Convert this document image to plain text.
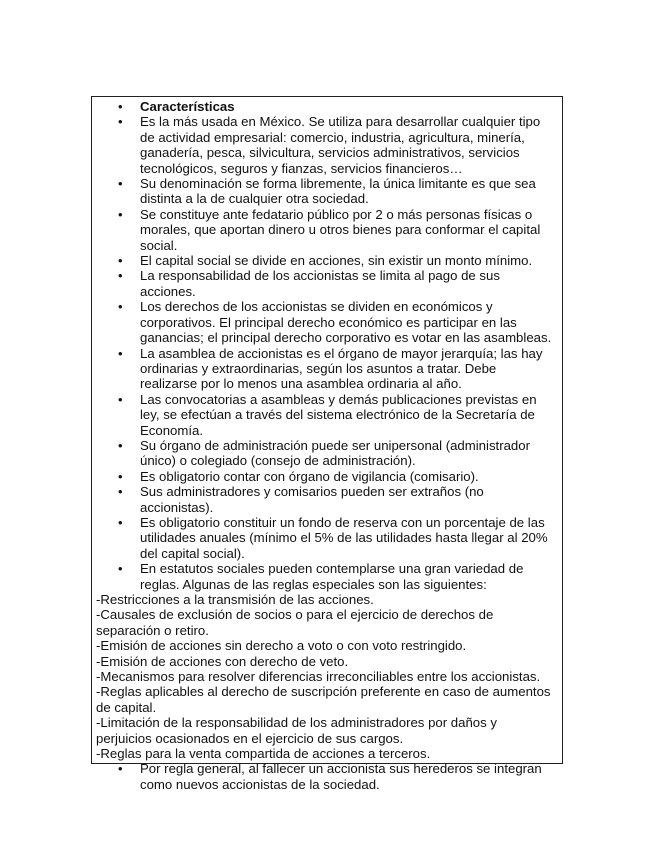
• Características
• Es la más usada en México. Se utiliza para desarrollar cualquier tipo de actividad empresarial: comercio, industria, agricultura, minería, ganadería, pesca, silvicultura, servicios administrativos, servicios tecnológicos, seguros y fianzas, servicios financieros…
• Su denominación se forma libremente, la única limitante es que sea distinta a la de cualquier otra sociedad.
• Se constituye ante fedatario público por 2 o más personas físicas o morales, que aportan dinero u otros bienes para conformar el capital social.
• El capital social se divide en acciones, sin existir un monto mínimo.
• La responsabilidad de los accionistas se limita al pago de sus acciones.
• Los derechos de los accionistas se dividen en económicos y corporativos. El principal derecho económico es participar en las ganancias; el principal derecho corporativo es votar en las asambleas.
• La asamblea de accionistas es el órgano de mayor jerarquía; las hay ordinarias y extraordinarias, según los asuntos a tratar. Debe realizarse por lo menos una asamblea ordinaria al año.
• Las convocatorias a asambleas y demás publicaciones previstas en ley, se efectúan a través del sistema electrónico de la Secretaría de Economía.
• Su órgano de administración puede ser unipersonal (administrador único) o colegiado (consejo de administración).
• Es obligatorio contar con órgano de vigilancia (comisario).
• Sus administradores y comisarios pueden ser extraños (no accionistas).
• Es obligatorio constituir un fondo de reserva con un porcentaje de las utilidades anuales (mínimo el 5% de las utilidades hasta llegar al 20% del capital social).
• En estatutos sociales pueden contemplarse una gran variedad de reglas. Algunas de las reglas especiales son las siguientes:

-Restricciones a la transmisión de las acciones.

-Causales de exclusión de socios o para el ejercicio de derechos de separación o retiro.

-Emisión de acciones sin derecho a voto o con voto restringido.

-Emisión de acciones con derecho de veto.

-Mecanismos para resolver diferencias irreconciliables entre los accionistas.

-Reglas aplicables al derecho de suscripción preferente en caso de aumentos de capital.

-Limitación de la responsabilidad de los administradores por daños y perjuicios ocasionados en el ejercicio de sus cargos.

-Reglas para la venta compartida de acciones a terceros.

• Por regla general, al fallecer un accionista sus herederos se integran como nuevos accionistas de la sociedad.
